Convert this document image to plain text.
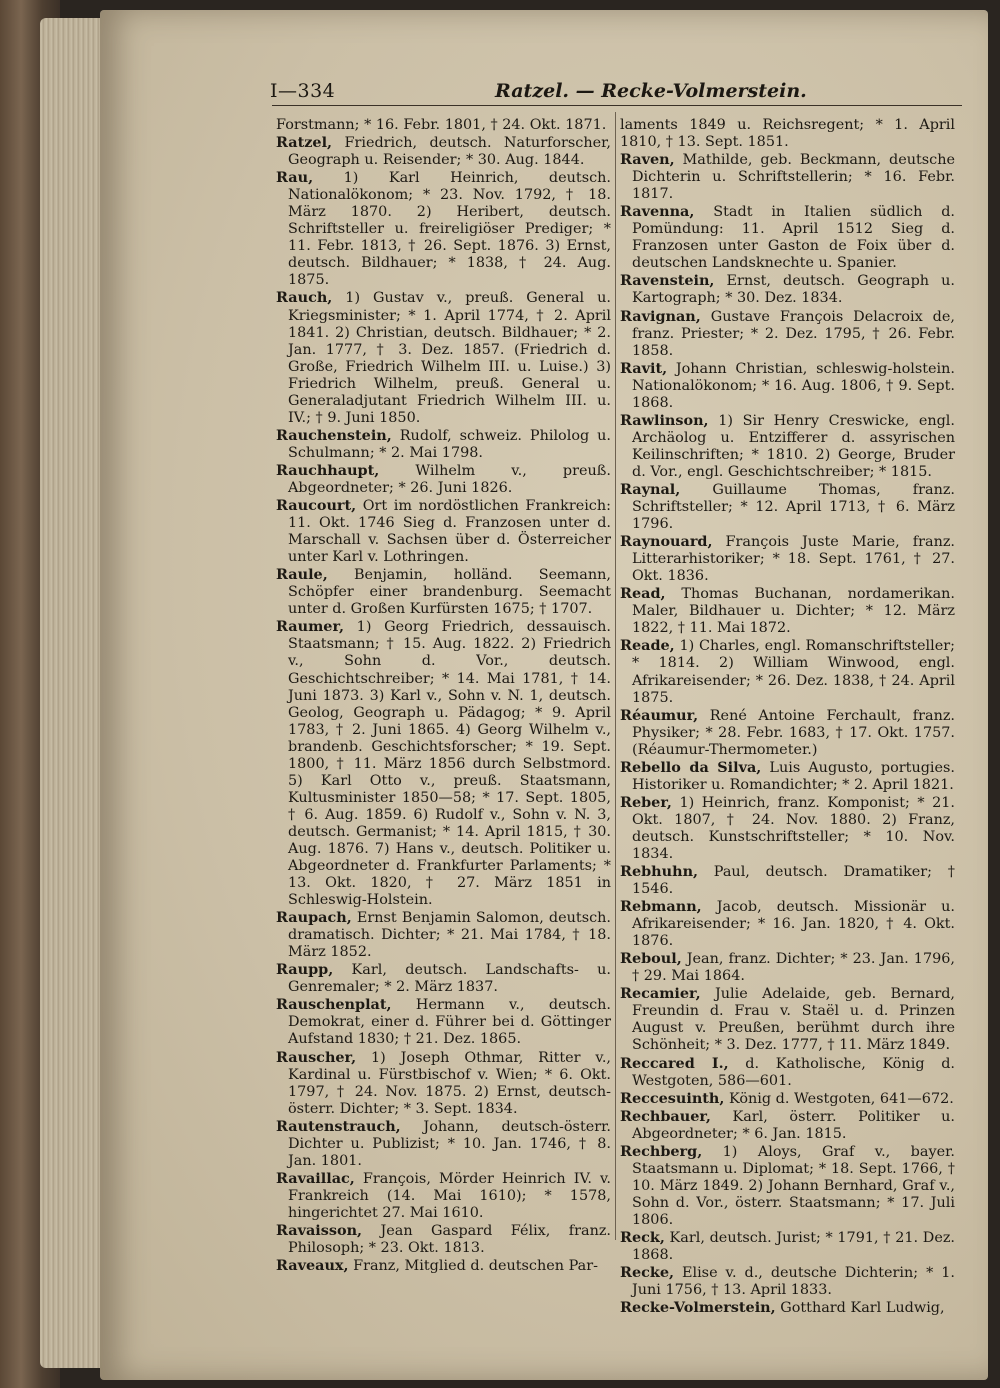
I—334	Ratzel. — Recke-Volmerstein.
Forstmann; * 16. Febr. 1801, † 24. Okt. 1871.
Ratzel, Friedrich, deutsch. Naturforscher, Geograph u. Reisender; * 30. Aug. 1844.
Rau, 1) Karl Heinrich, deutsch. Nationalökonom; * 23. Nov. 1792, † 18. März 1870. 2) Heribert, deutsch. Schriftsteller u. freireligiöser Prediger; * 11. Febr. 1813, † 26. Sept. 1876. 3) Ernst, deutsch. Bildhauer; * 1838, † 24. Aug. 1875.
Rauch, 1) Gustav v., preuß. General u. Kriegsminister; * 1. April 1774, † 2. April 1841. 2) Christian, deutsch. Bildhauer; * 2. Jan. 1777, † 3. Dez. 1857. (Friedrich d. Große, Friedrich Wilhelm III. u. Luise.) 3) Friedrich Wilhelm, preuß. General u. Generaladjutant Friedrich Wilhelm III. u. IV.; † 9. Juni 1850.
Rauchenstein, Rudolf, schweiz. Philolog u. Schulmann; * 2. Mai 1798.
Rauchhaupt, Wilhelm v., preuß. Abgeordneter; * 26. Juni 1826.
Raucourt, Ort im nordöstlichen Frankreich: 11. Okt. 1746 Sieg d. Franzosen unter d. Marschall v. Sachsen über d. Österreicher unter Karl v. Lothringen.
Raule, Benjamin, holländ. Seemann, Schöpfer einer brandenburg. Seemacht unter d. Großen Kurfürsten 1675; † 1707.
Raumer, 1) Georg Friedrich, dessauisch. Staatsmann; † 15. Aug. 1822. 2) Friedrich v., Sohn d. Vor., deutsch. Geschichtschreiber; * 14. Mai 1781, † 14. Juni 1873. 3) Karl v., Sohn v. N. 1, deutsch. Geolog, Geograph u. Pädagog; * 9. April 1783, † 2. Juni 1865. 4) Georg Wilhelm v., brandenb. Geschichtsforscher; * 19. Sept. 1800, † 11. März 1856 durch Selbstmord. 5) Karl Otto v., preuß. Staatsmann, Kultusminister 1850—58; * 17. Sept. 1805, † 6. Aug. 1859. 6) Rudolf v., Sohn v. N. 3, deutsch. Germanist; * 14. April 1815, † 30. Aug. 1876. 7) Hans v., deutsch. Politiker u. Abgeordneter d. Frankfurter Parlaments; * 13. Okt. 1820, † 27. März 1851 in Schleswig-Holstein.
Raupach, Ernst Benjamin Salomon, deutsch. dramatisch. Dichter; * 21. Mai 1784, † 18. März 1852.
Raupp, Karl, deutsch. Landschafts- u. Genremaler; * 2. März 1837.
Rauschenplat, Hermann v., deutsch. Demokrat, einer d. Führer bei d. Göttinger Aufstand 1830; † 21. Dez. 1865.
Rauscher, 1) Joseph Othmar, Ritter v., Kardinal u. Fürstbischof v. Wien; * 6. Okt. 1797, † 24. Nov. 1875. 2) Ernst, deutsch-österr. Dichter; * 3. Sept. 1834.
Rautenstrauch, Johann, deutsch-österr. Dichter u. Publizist; * 10. Jan. 1746, † 8. Jan. 1801.
Ravaillac, François, Mörder Heinrich IV. v. Frankreich (14. Mai 1610); * 1578, hingerichtet 27. Mai 1610.
Ravaisson, Jean Gaspard Félix, franz. Philosoph; * 23. Okt. 1813.
Raveaux, Franz, Mitglied d. deutschen Par-
laments 1849 u. Reichsregent; * 1. April 1810, † 13. Sept. 1851.
Raven, Mathilde, geb. Beckmann, deutsche Dichterin u. Schriftstellerin; * 16. Febr. 1817.
Ravenna, Stadt in Italien südlich d. Pomündung: 11. April 1512 Sieg d. Franzosen unter Gaston de Foix über d. deutschen Landsknechte u. Spanier.
Ravenstein, Ernst, deutsch. Geograph u. Kartograph; * 30. Dez. 1834.
Ravignan, Gustave François Delacroix de, franz. Priester; * 2. Dez. 1795, † 26. Febr. 1858.
Ravit, Johann Christian, schleswig-holstein. Nationalökonom; * 16. Aug. 1806, † 9. Sept. 1868.
Rawlinson, 1) Sir Henry Creswicke, engl. Archäolog u. Entzifferer d. assyrischen Keilinschriften; * 1810. 2) George, Bruder d. Vor., engl. Geschichtschreiber; * 1815.
Raynal, Guillaume Thomas, franz. Schriftsteller; * 12. April 1713, † 6. März 1796.
Raynouard, François Juste Marie, franz. Litterarhistoriker; * 18. Sept. 1761, † 27. Okt. 1836.
Read, Thomas Buchanan, nordamerikan. Maler, Bildhauer u. Dichter; * 12. März 1822, † 11. Mai 1872.
Reade, 1) Charles, engl. Romanschriftsteller; * 1814. 2) William Winwood, engl. Afrikareisender; * 26. Dez. 1838, † 24. April 1875.
Réaumur, René Antoine Ferchault, franz. Physiker; * 28. Febr. 1683, † 17. Okt. 1757. (Réaumur-Thermometer.)
Rebello da Silva, Luis Augusto, portugies. Historiker u. Romandichter; * 2. April 1821.
Reber, 1) Heinrich, franz. Komponist; * 21. Okt. 1807, † 24. Nov. 1880. 2) Franz, deutsch. Kunstschriftsteller; * 10. Nov. 1834.
Rebhuhn, Paul, deutsch. Dramatiker; † 1546.
Rebmann, Jacob, deutsch. Missionär u. Afrikareisender; * 16. Jan. 1820, † 4. Okt. 1876.
Reboul, Jean, franz. Dichter; * 23. Jan. 1796, † 29. Mai 1864.
Recamier, Julie Adelaide, geb. Bernard, Freundin d. Frau v. Staël u. d. Prinzen August v. Preußen, berühmt durch ihre Schönheit; * 3. Dez. 1777, † 11. März 1849.
Reccared I., d. Katholische, König d. Westgoten, 586—601.
Reccesuinth, König d. Westgoten, 641—672.
Rechbauer, Karl, österr. Politiker u. Abgeordneter; * 6. Jan. 1815.
Rechberg, 1) Aloys, Graf v., bayer. Staatsmann u. Diplomat; * 18. Sept. 1766, † 10. März 1849. 2) Johann Bernhard, Graf v., Sohn d. Vor., österr. Staatsmann; * 17. Juli 1806.
Reck, Karl, deutsch. Jurist; * 1791, † 21. Dez. 1868.
Recke, Elise v. d., deutsche Dichterin; * 1. Juni 1756, † 13. April 1833.
Recke-Volmerstein, Gotthard Karl Ludwig,
